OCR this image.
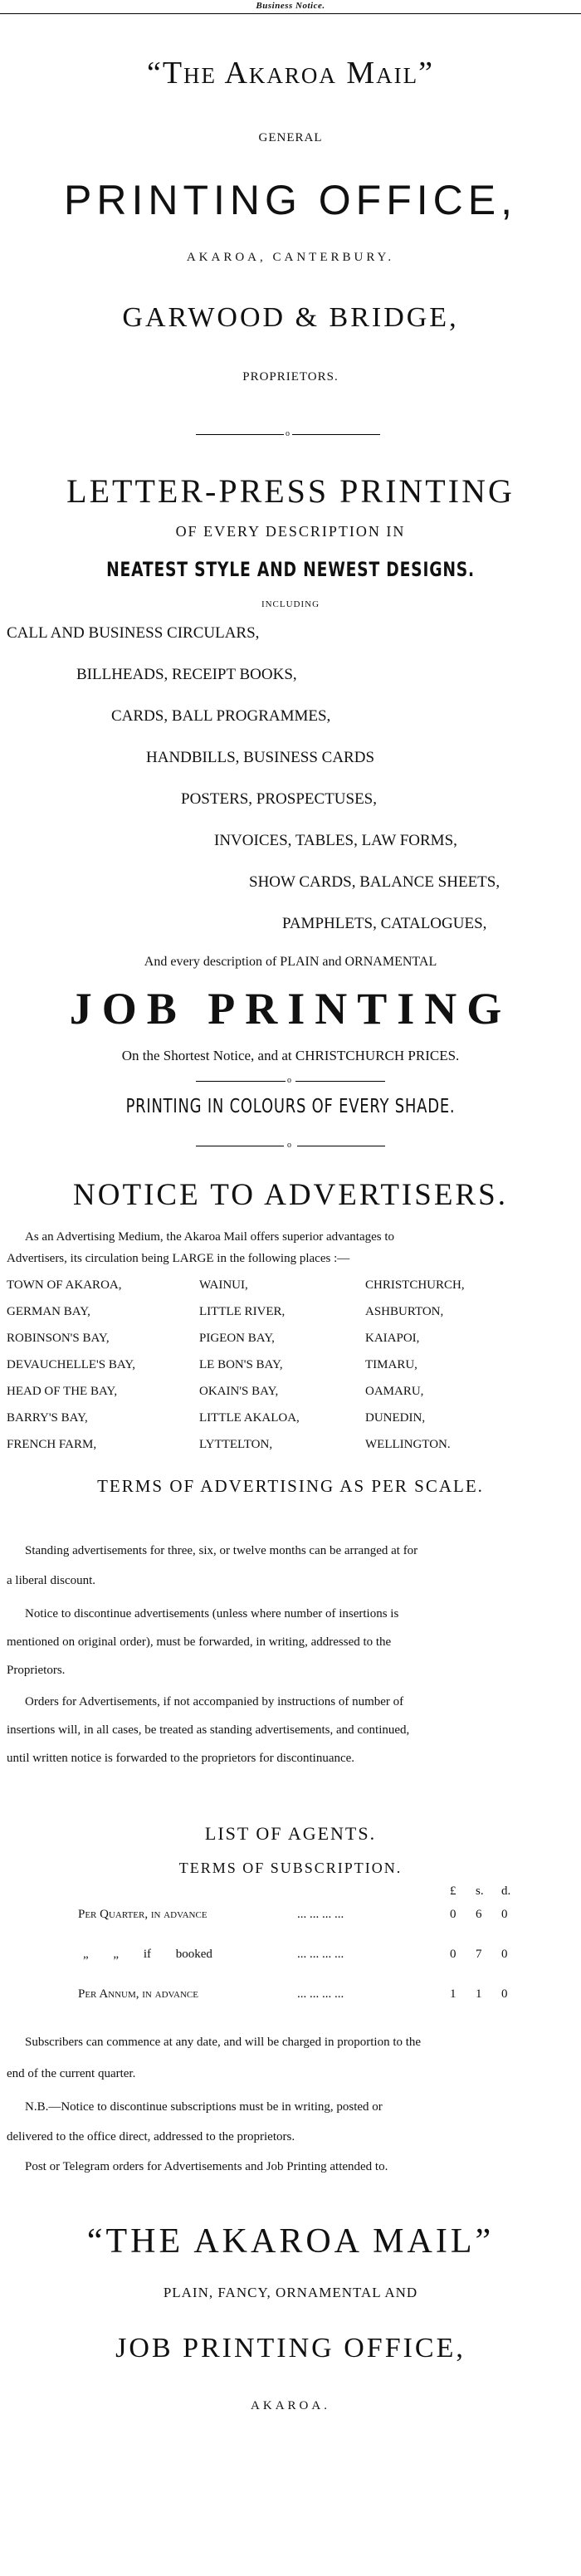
Business Notice.
“The Akaroa Mail”
GENERAL
PRINTING OFFICE,
AKAROA, CANTERBURY.
GARWOOD & BRIDGE,
PROPRIETORS.
o
LETTER-PRESS PRINTING
OF EVERY DESCRIPTION IN
NEATEST STYLE AND NEWEST DESIGNS.
INCLUDING
CALL AND BUSINESS CIRCULARS,
BILLHEADS, RECEIPT BOOKS,
CARDS, BALL PROGRAMMES,
HANDBILLS, BUSINESS CARDS
POSTERS, PROSPECTUSES,
INVOICES, TABLES, LAW FORMS,
SHOW CARDS, BALANCE SHEETS,
PAMPHLETS, CATALOGUES,
And every description of PLAIN and ORNAMENTAL
JOB PRINTING
On the Shortest Notice, and at CHRISTCHURCH PRICES.
o
PRINTING IN COLOURS OF EVERY SHADE.
o
NOTICE TO ADVERTISERS.
As an Advertising Medium, the Akaroa Mail offers superior advantages to
Advertisers, its circulation being LARGE in the following places :—
TOWN OF AKAROA,	WAINUI,	CHRISTCHURCH,
GERMAN BAY,	LITTLE RIVER,	ASHBURTON,
ROBINSON'S BAY,	PIGEON BAY,	KAIAPOI,
DEVAUCHELLE'S BAY,	LE BON'S BAY,	TIMARU,
HEAD OF THE BAY,	OKAIN'S BAY,	OAMARU,
BARRY'S BAY,	LITTLE AKALOA,	DUNEDIN,
FRENCH FARM,	LYTTELTON,	WELLINGTON.
TERMS OF ADVERTISING AS PER SCALE.
Standing advertisements for three, six, or twelve months can be arranged at for
a liberal discount.
Notice to discontinue advertisements (unless where number of insertions is
mentioned on original order), must be forwarded, in writing, addressed to the
Proprietors.
Orders for Advertisements, if not accompanied by instructions of number of
insertions will, in all cases, be treated as standing advertisements, and continued,
until written notice is forwarded to the proprietors for discontinuance.
LIST OF AGENTS.
TERMS OF SUBSCRIPTION.
£ s. d.
Per Quarter, in advance	... ... ... ...	0 6 0
„ „ if booked	... ... ... ...	0 7 0
Per Annum, in advance	... ... ... ...	1 1 0
Subscribers can commence at any date, and will be charged in proportion to the
end of the current quarter.
N.B.—Notice to discontinue subscriptions must be in writing, posted or
delivered to the office direct, addressed to the proprietors.
Post or Telegram orders for Advertisements and Job Printing attended to.
“THE AKAROA MAIL”
PLAIN, FANCY, ORNAMENTAL AND
JOB PRINTING OFFICE,
AKAROA.
